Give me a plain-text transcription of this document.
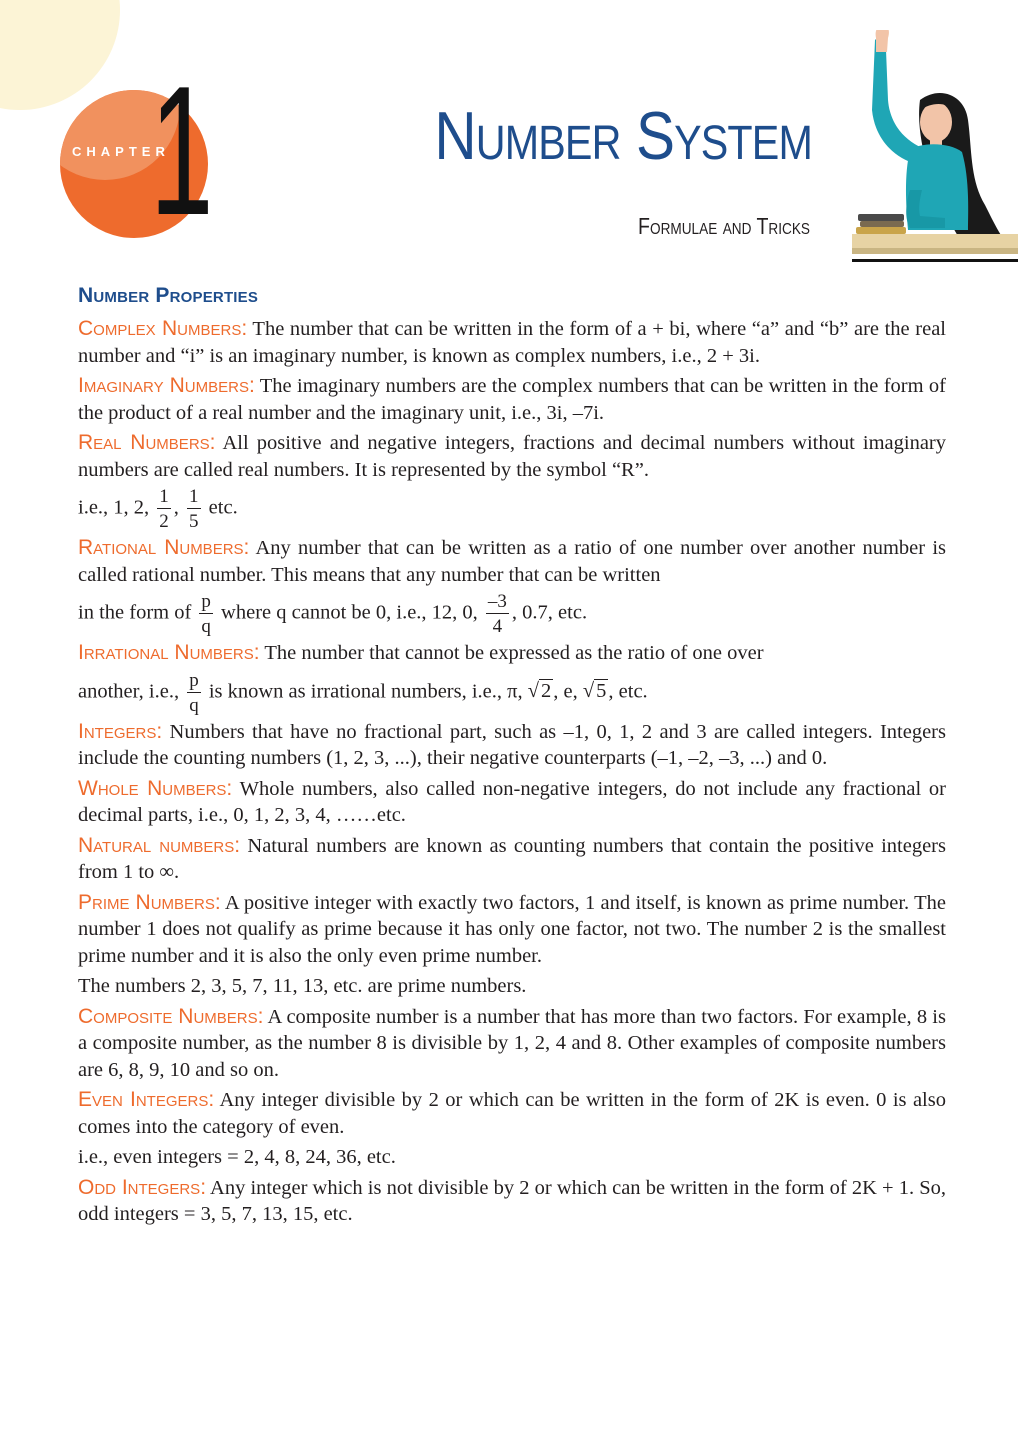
CHAPTER
1	Number System
Formulae and Tricks
Number Properties

Complex Numbers: The number that can be written in the form of a + bi, where “a” and “b” are the real number and “i” is an imaginary number, is known as complex numbers, i.e., 2 + 3i.

Imaginary Numbers: The imaginary numbers are the complex numbers that can be written in the form of the product of a real number and the imaginary unit, i.e., 3i, –7i.

Real Numbers: All positive and negative integers, fractions and decimal numbers without imaginary numbers are called real numbers. It is represented by the symbol “R”.

i.e., 1, 2, $\frac{1}{2}$ , $\frac{1}{5}$ etc.

Rational Numbers: Any number that can be written as a ratio of one number over another number is called rational number. This means that any number that can be written

in the form of $\frac{p}{q}$ where q cannot be 0, i.e., 12, 0, $\frac{-3}{4}$ , 0.7, etc.

Irrational Numbers: The number that cannot be expressed as the ratio of one over

another, i.e., $\frac{p}{q}$ is known as irrational numbers, i.e., π, √2, e, √5, etc.

Integers: Numbers that have no fractional part, such as –1, 0, 1, 2 and 3 are called integers. Integers include the counting numbers (1, 2, 3, ...), their negative counterparts (–1, –2, –3, ...) and 0.

Whole Numbers: Whole numbers, also called non-negative integers, do not include any fractional or decimal parts, i.e., 0, 1, 2, 3, 4, ……etc.

Natural numbers: Natural numbers are known as counting numbers that contain the positive integers from 1 to ∞.

Prime Numbers: A positive integer with exactly two factors, 1 and itself, is known as prime number. The number 1 does not qualify as prime because it has only one factor, not two. The number 2 is the smallest prime number and it is also the only even prime number.

The numbers 2, 3, 5, 7, 11, 13, etc. are prime numbers.

Composite Numbers: A composite number is a number that has more than two factors. For example, 8 is a composite number, as the number 8 is divisible by 1, 2, 4 and 8. Other examples of composite numbers are 6, 8, 9, 10 and so on.

Even Integers: Any integer divisible by 2 or which can be written in the form of 2K is even. 0 is also comes into the category of even.

i.e., even integers = 2, 4, 8, 24, 36, etc.

Odd Integers: Any integer which is not divisible by 2 or which can be written in the form of 2K + 1. So, odd integers = 3, 5, 7, 13, 15, etc.
